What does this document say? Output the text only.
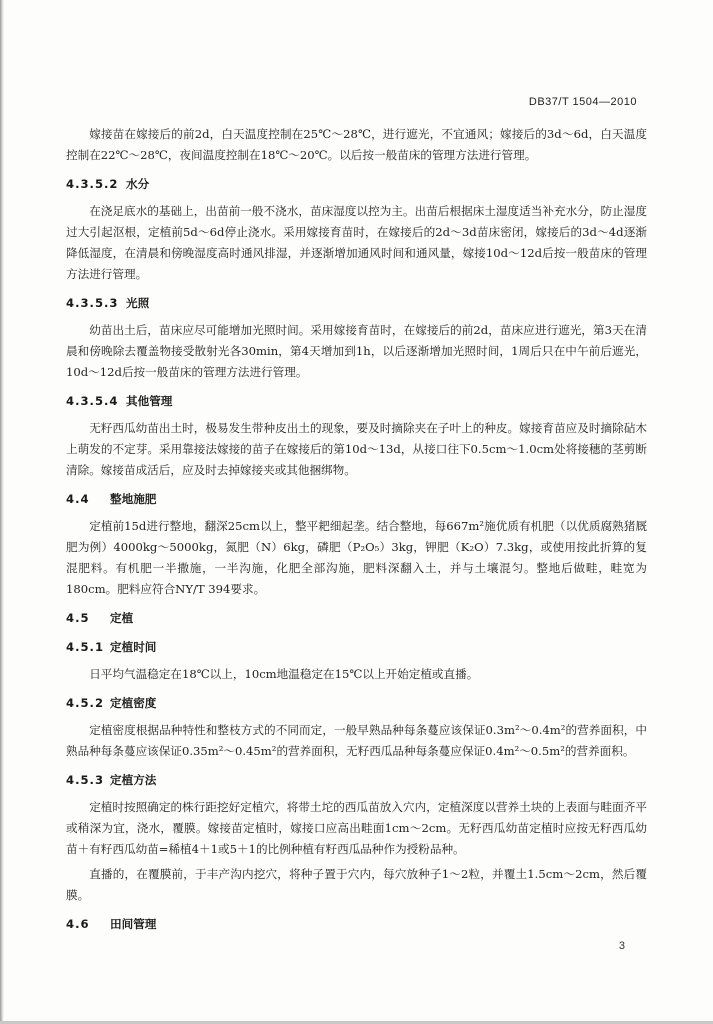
DB37/T 1504—2010

嫁接苗在嫁接后的前2d，白天温度控制在25℃～28℃，进行遮光，不宜通风；嫁接后的3d～6d，白天温度控制在22℃～28℃，夜间温度控制在18℃～20℃。以后按一般苗床的管理方法进行管理。

4.3.5.2 水分

在浇足底水的基础上，出苗前一般不浇水，苗床湿度以控为主。出苗后根据床土湿度适当补充水分，防止湿度过大引起沤根，定植前5d～6d停止浇水。采用嫁接育苗时，在嫁接后的2d～3d苗床密闭，嫁接后的3d～4d逐渐降低湿度，在清晨和傍晚湿度高时通风排湿，并逐渐增加通风时间和通风量，嫁接10d～12d后按一般苗床的管理方法进行管理。

4.3.5.3 光照

幼苗出土后，苗床应尽可能增加光照时间。采用嫁接育苗时，在嫁接后的前2d，苗床应进行遮光，第3天在清晨和傍晚除去覆盖物接受散射光各30min，第4天增加到1h，以后逐渐增加光照时间，1周后只在中午前后遮光，10d～12d后按一般苗床的管理方法进行管理。

4.3.5.4 其他管理

无籽西瓜幼苗出土时，极易发生带种皮出土的现象，要及时摘除夹在子叶上的种皮。嫁接育苗应及时摘除砧木上萌发的不定芽。采用靠接法嫁接的苗子在嫁接后的第10d～13d，从接口往下0.5cm～1.0cm处将接穗的茎剪断清除。嫁接苗成活后，应及时去掉嫁接夹或其他捆绑物。

4.4	整地施肥

定植前15d进行整地，翻深25cm以上，整平耙细起垄。结合整地，每667m²施优质有机肥（以优质腐熟猪厩肥为例）4000kg～5000kg，氮肥（N）6kg，磷肥（P₂O₅）3kg，钾肥（K₂O）7.3kg，或使用按此折算的复混肥料。有机肥一半撒施，一半沟施，化肥全部沟施，肥料深翻入土，并与土壤混匀。整地后做畦，畦宽为180cm。肥料应符合NY/T 394要求。

4.5	定植
4.5.1 定植时间

日平均气温稳定在18℃以上，10cm地温稳定在15℃以上开始定植或直播。

4.5.2 定植密度

定植密度根据品种特性和整枝方式的不同而定，一般早熟品种每条蔓应该保证0.3m²～0.4m²的营养面积，中熟品种每条蔓应该保证0.35m²～0.45m²的营养面积，无籽西瓜品种每条蔓应保证0.4m²～0.5m²的营养面积。

4.5.3 定植方法

定植时按照确定的株行距挖好定植穴，将带土坨的西瓜苗放入穴内，定植深度以营养土块的上表面与畦面齐平或稍深为宜，浇水，覆膜。嫁接苗定植时，嫁接口应高出畦面1cm～2cm。无籽西瓜幼苗定植时应按无籽西瓜幼苗＋有籽西瓜幼苗=稀植4＋1或5＋1的比例种植有籽西瓜品种作为授粉品种。

直播的，在覆膜前，于丰产沟内挖穴，将种子置于穴内，每穴放种子1～2粒，并覆土1.5cm～2cm，然后覆膜。

4.6	田间管理
3
